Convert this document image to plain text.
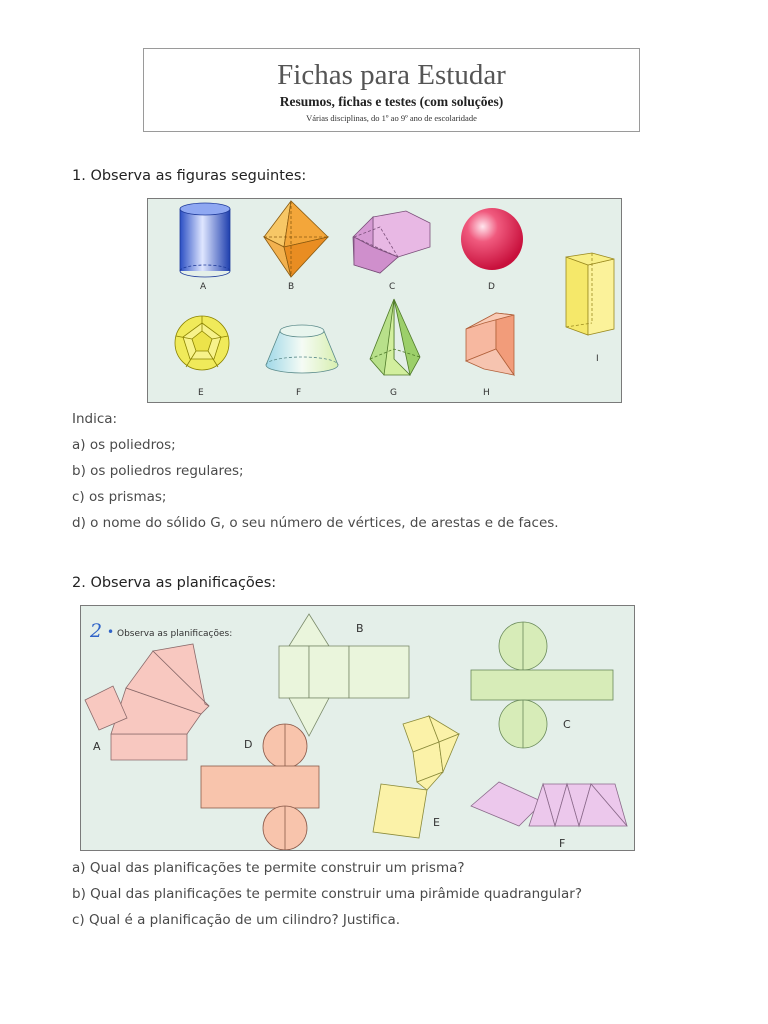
Fichas para Estudar
Resumos, fichas e testes (com soluções)
Várias disciplinas, do 1º ao 9º ano de escolaridade
1. Observa as figuras seguintes:
A	B	C	D
I
E	F	G	H
Indica:
a) os poliedros;
b) os poliedros regulares;
c) os prismas;
d) o nome do sólido G, o seu número de vértices, de arestas e de faces.
2. Observa as planificações:
2 • Observa as planificações:
A
B
C
D
E
F
a) Qual das planificações te permite construir um prisma?
b) Qual das planificações te permite construir uma pirâmide quadrangular?
c) Qual é a planificação de um cilindro? Justifica.
